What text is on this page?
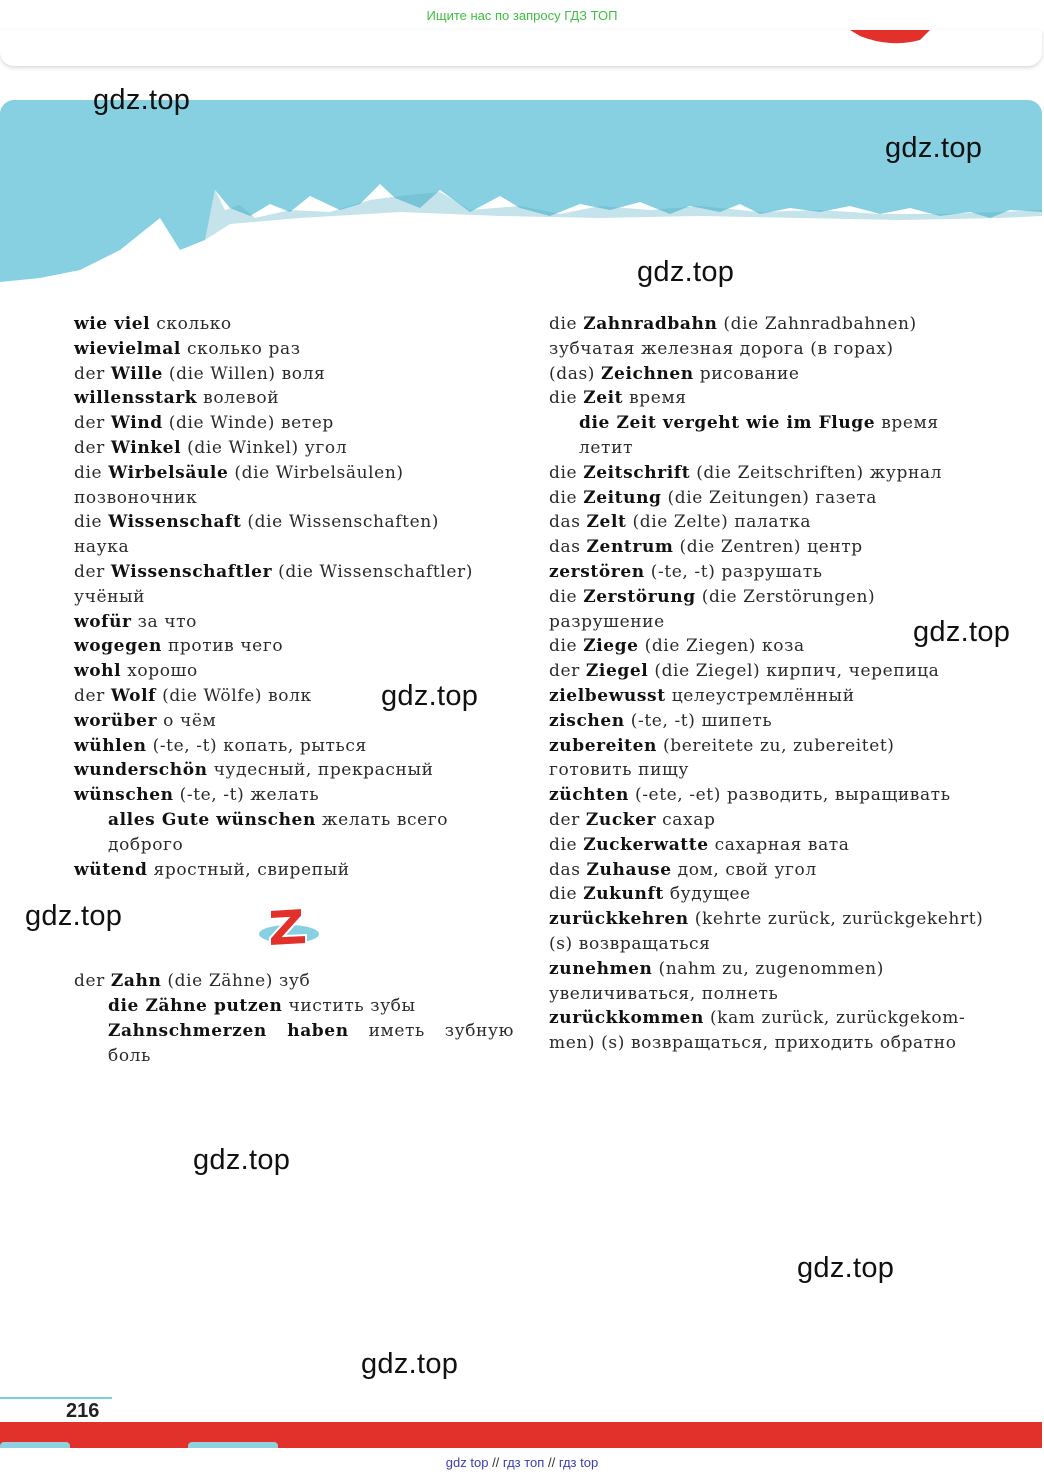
Ищите нас по запросу ГДЗ ТОП
wie viel сколько
wievielmal сколько раз
der Wille (die Willen) воля
willensstark волевой
der Wind (die Winde) ветер
der Winkel (die Winkel) угол
die Wirbelsäule (die Wirbelsäulen)
позвоночник
die Wissenschaft (die Wissenschaften)
наука
der Wissenschaftler (die Wissenschaftler)
учёный
wofür за что
wogegen против чего
wohl хорошо
der Wolf (die Wölfe) волк
worüber о чём
wühlen (-te, -t) копать, рыться
wunderschön чудесный, прекрасный
wünschen (-te, -t) желать
alles Gute wünschen желать всего
доброго
wütend яростный, свирепый
der Zahn (die Zähne) зуб
die Zähne putzen чистить зубы
Zahnschmerzen haben иметь зубную
боль
die Zahnradbahn (die Zahnradbahnen)
зубчатая железная дорога (в горах)
(das) Zeichnen рисование
die Zeit время
die Zeit vergeht wie im Fluge время
летит
die Zeitschrift (die Zeitschriften) журнал
die Zeitung (die Zeitungen) газета
das Zelt (die Zelte) палатка
das Zentrum (die Zentren) центр
zerstören (-te, -t) разрушать
die Zerstörung (die Zerstörungen)
разрушение
die Ziege (die Ziegen) коза
der Ziegel (die Ziegel) кирпич, черепица
zielbewusst целеустремлённый
zischen (-te, -t) шипеть
zubereiten (bereitete zu, zubereitet)
готовить пищу
züchten (-ete, -et) разводить, выращивать
der Zucker сахар
die Zuckerwatte сахарная вата
das Zuhause дом, свой угол
die Zukunft будущее
zurückkehren (kehrte zurück, zurückgekehrt)
(s) возвращаться
zunehmen (nahm zu, zugenommen)
увеличиваться, полнеть
zurückkommen (kam zurück, zurückgekom-
men) (s) возвращаться, приходить обратно
216
gdz.top
gdz.top
gdz.top
gdz.top
gdz.top
gdz.top
gdz.top
gdz.top
gdz.top
gdz top // гдз топ // гдз top
